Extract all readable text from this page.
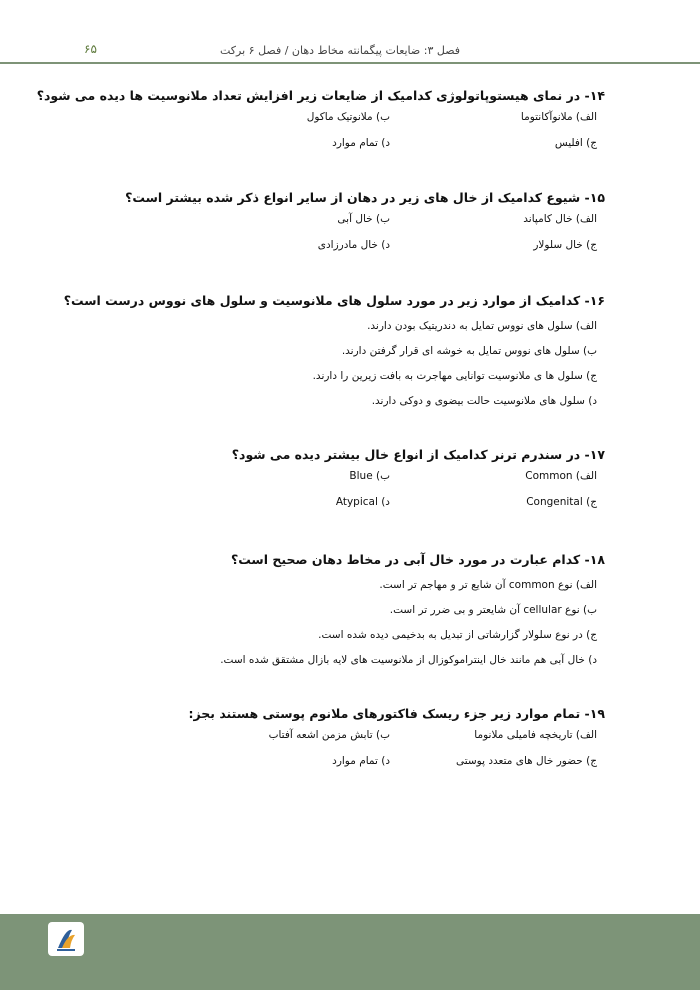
۶۵	فصل ۳: ضایعات پیگمانته مخاط دهان / فصل ۶ برکت
۱۴- در نمای هیستوپاتولوژی کدامیک از ضایعات زیر افزایش تعداد ملانوسیت ها دیده می شود؟
الف) ملانوآکانتوما
ب) ملانوتیک ماکول
ج) افلیس
د) تمام موارد
۱۵- شیوع کدامیک از خال های زیر در دهان از سایر انواع ذکر شده بیشتر است؟
الف) خال کامپاند
ب) خال آبی
ج) خال سلولار
د) خال مادرزادی
۱۶- کدامیک از موارد زیر در مورد سلول های ملانوسیت و سلول های نووس درست است؟
الف) سلول های نووس تمایل به دندریتیک بودن دارند.
ب) سلول های نووس تمایل به خوشه ای قرار گرفتن دارند.
ج) سلول ها ی ملانوسیت توانایی مهاجرت به بافت زیرین را دارند.
د) سلول های ملانوسیت حالت بیضوی و دوکی دارند.
۱۷- در سندرم ترنر کدامیک از انواع خال بیشتر دیده می شود؟
الف) Common
ب) Blue
ج) Congenital
د) Atypical
۱۸- کدام عبارت در مورد خال آبی در مخاط دهان صحیح است؟
الف) نوع common آن شایع تر و مهاجم تر است.
ب) نوع cellular آن شایعتر و بی ضرر تر است.
ج) در نوع سلولار گزارشاتی از تبدیل به بدخیمی دیده شده است.
د) خال آبی هم مانند خال اینتراموکوزال از ملانوسیت های لایه بازال مشتقق شده است.
۱۹- تمام موارد زیر جزء ریسک فاکتورهای ملانوم پوستی هستند بجز:
الف) تاریخچه فامیلی ملانوما
ب) تابش مزمن اشعه آفتاب
ج) حضور خال های متعدد پوستی
د) تمام موارد
